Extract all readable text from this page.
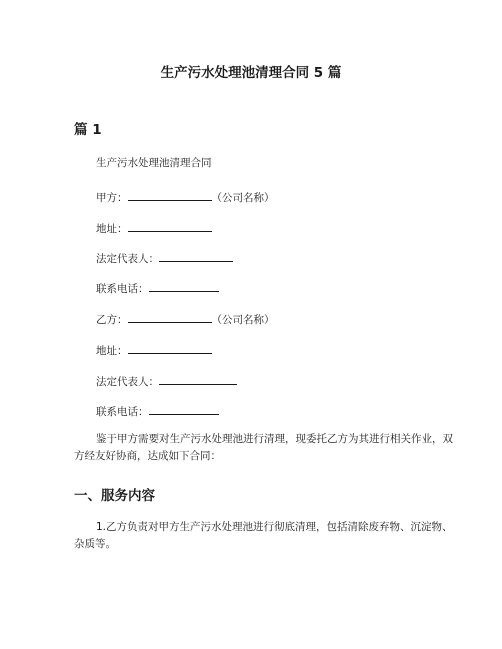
生产污水处理池清理合同 5 篇
篇 1
生产污水处理池清理合同
甲方：	（公司名称）
地址：
法定代表人：
联系电话：
乙方：	（公司名称）
地址：
法定代表人：
联系电话：

鉴于甲方需要对生产污水处理池进行清理，现委托乙方为其进行相关作业，双方经友好协商，达成如下合同：

一、服务内容

1.乙方负责对甲方生产污水处理池进行彻底清理，包括清除废弃物、沉淀物、杂质等。
